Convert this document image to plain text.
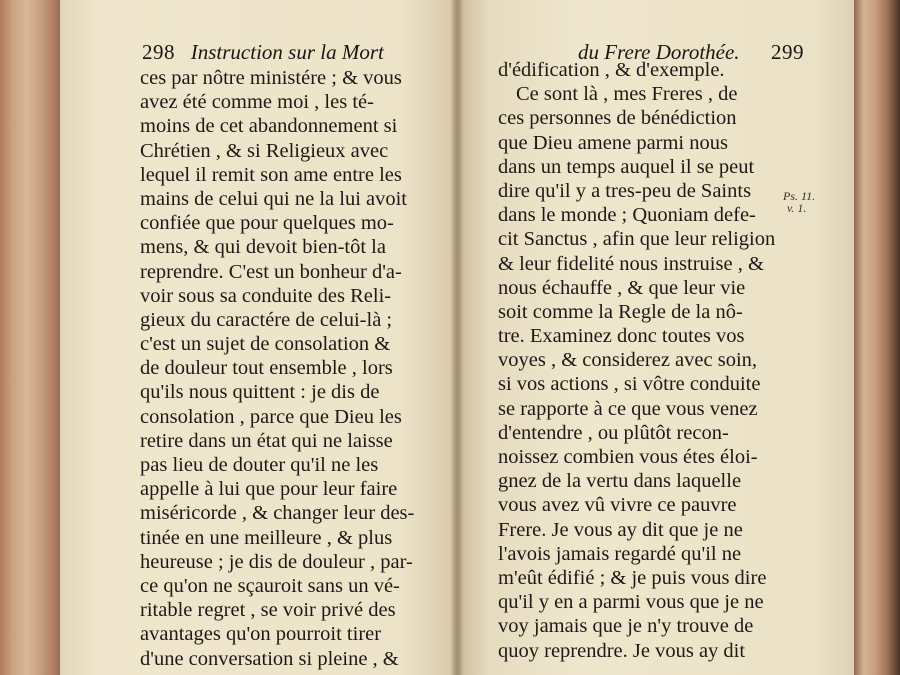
298 Instruction sur la Mort
ces par nôtre ministére ; & vous
avez été comme moi , les té-
moins de cet abandonnement si
Chrétien , & si Religieux avec
lequel il remit son ame entre les
mains de celui qui ne la lui avoit
confiée que pour quelques mo-
mens, & qui devoit bien-tôt la
reprendre. C'est un bonheur d'a-
voir sous sa conduite des Reli-
gieux du caractére de celui-là ;
c'est un sujet de consolation &
de douleur tout ensemble , lors
qu'ils nous quittent : je dis de
consolation , parce que Dieu les
retire dans un état qui ne laisse
pas lieu de douter qu'il ne les
appelle à lui que pour leur faire
miséricorde , & changer leur des-
tinée en une meilleure , & plus
heureuse ; je dis de douleur , par-
ce qu'on ne sçauroit sans un vé-
ritable regret , se voir privé des
avantages qu'on pourroit tirer
d'une conversation si pleine , &
du Frere Dorothée. 299
d'édification , & d'exemple.
Ce sont là , mes Freres , de
ces personnes de bénédiction
que Dieu amene parmi nous
dans un temps auquel il se peut
dire qu'il y a tres-peu de Saints
dans le monde ; Quoniam defe-
cit Sanctus , afin que leur religion
& leur fidelité nous instruise , &
nous échauffe , & que leur vie
soit comme la Regle de la nô-
tre. Examinez donc toutes vos
voyes , & considerez avec soin,
si vos actions , si vôtre conduite
se rapporte à ce que vous venez
d'entendre , ou plûtôt recon-
noissez combien vous étes éloi-
gnez de la vertu dans laquelle
vous avez vû vivre ce pauvre
Frere. Je vous ay dit que je ne
l'avois jamais regardé qu'il ne
m'eût édifié ; & je puis vous dire
qu'il y en a parmi vous que je ne
voy jamais que je n'y trouve de
quoy reprendre. Je vous ay dit
Ps. 11.
v. 1.
